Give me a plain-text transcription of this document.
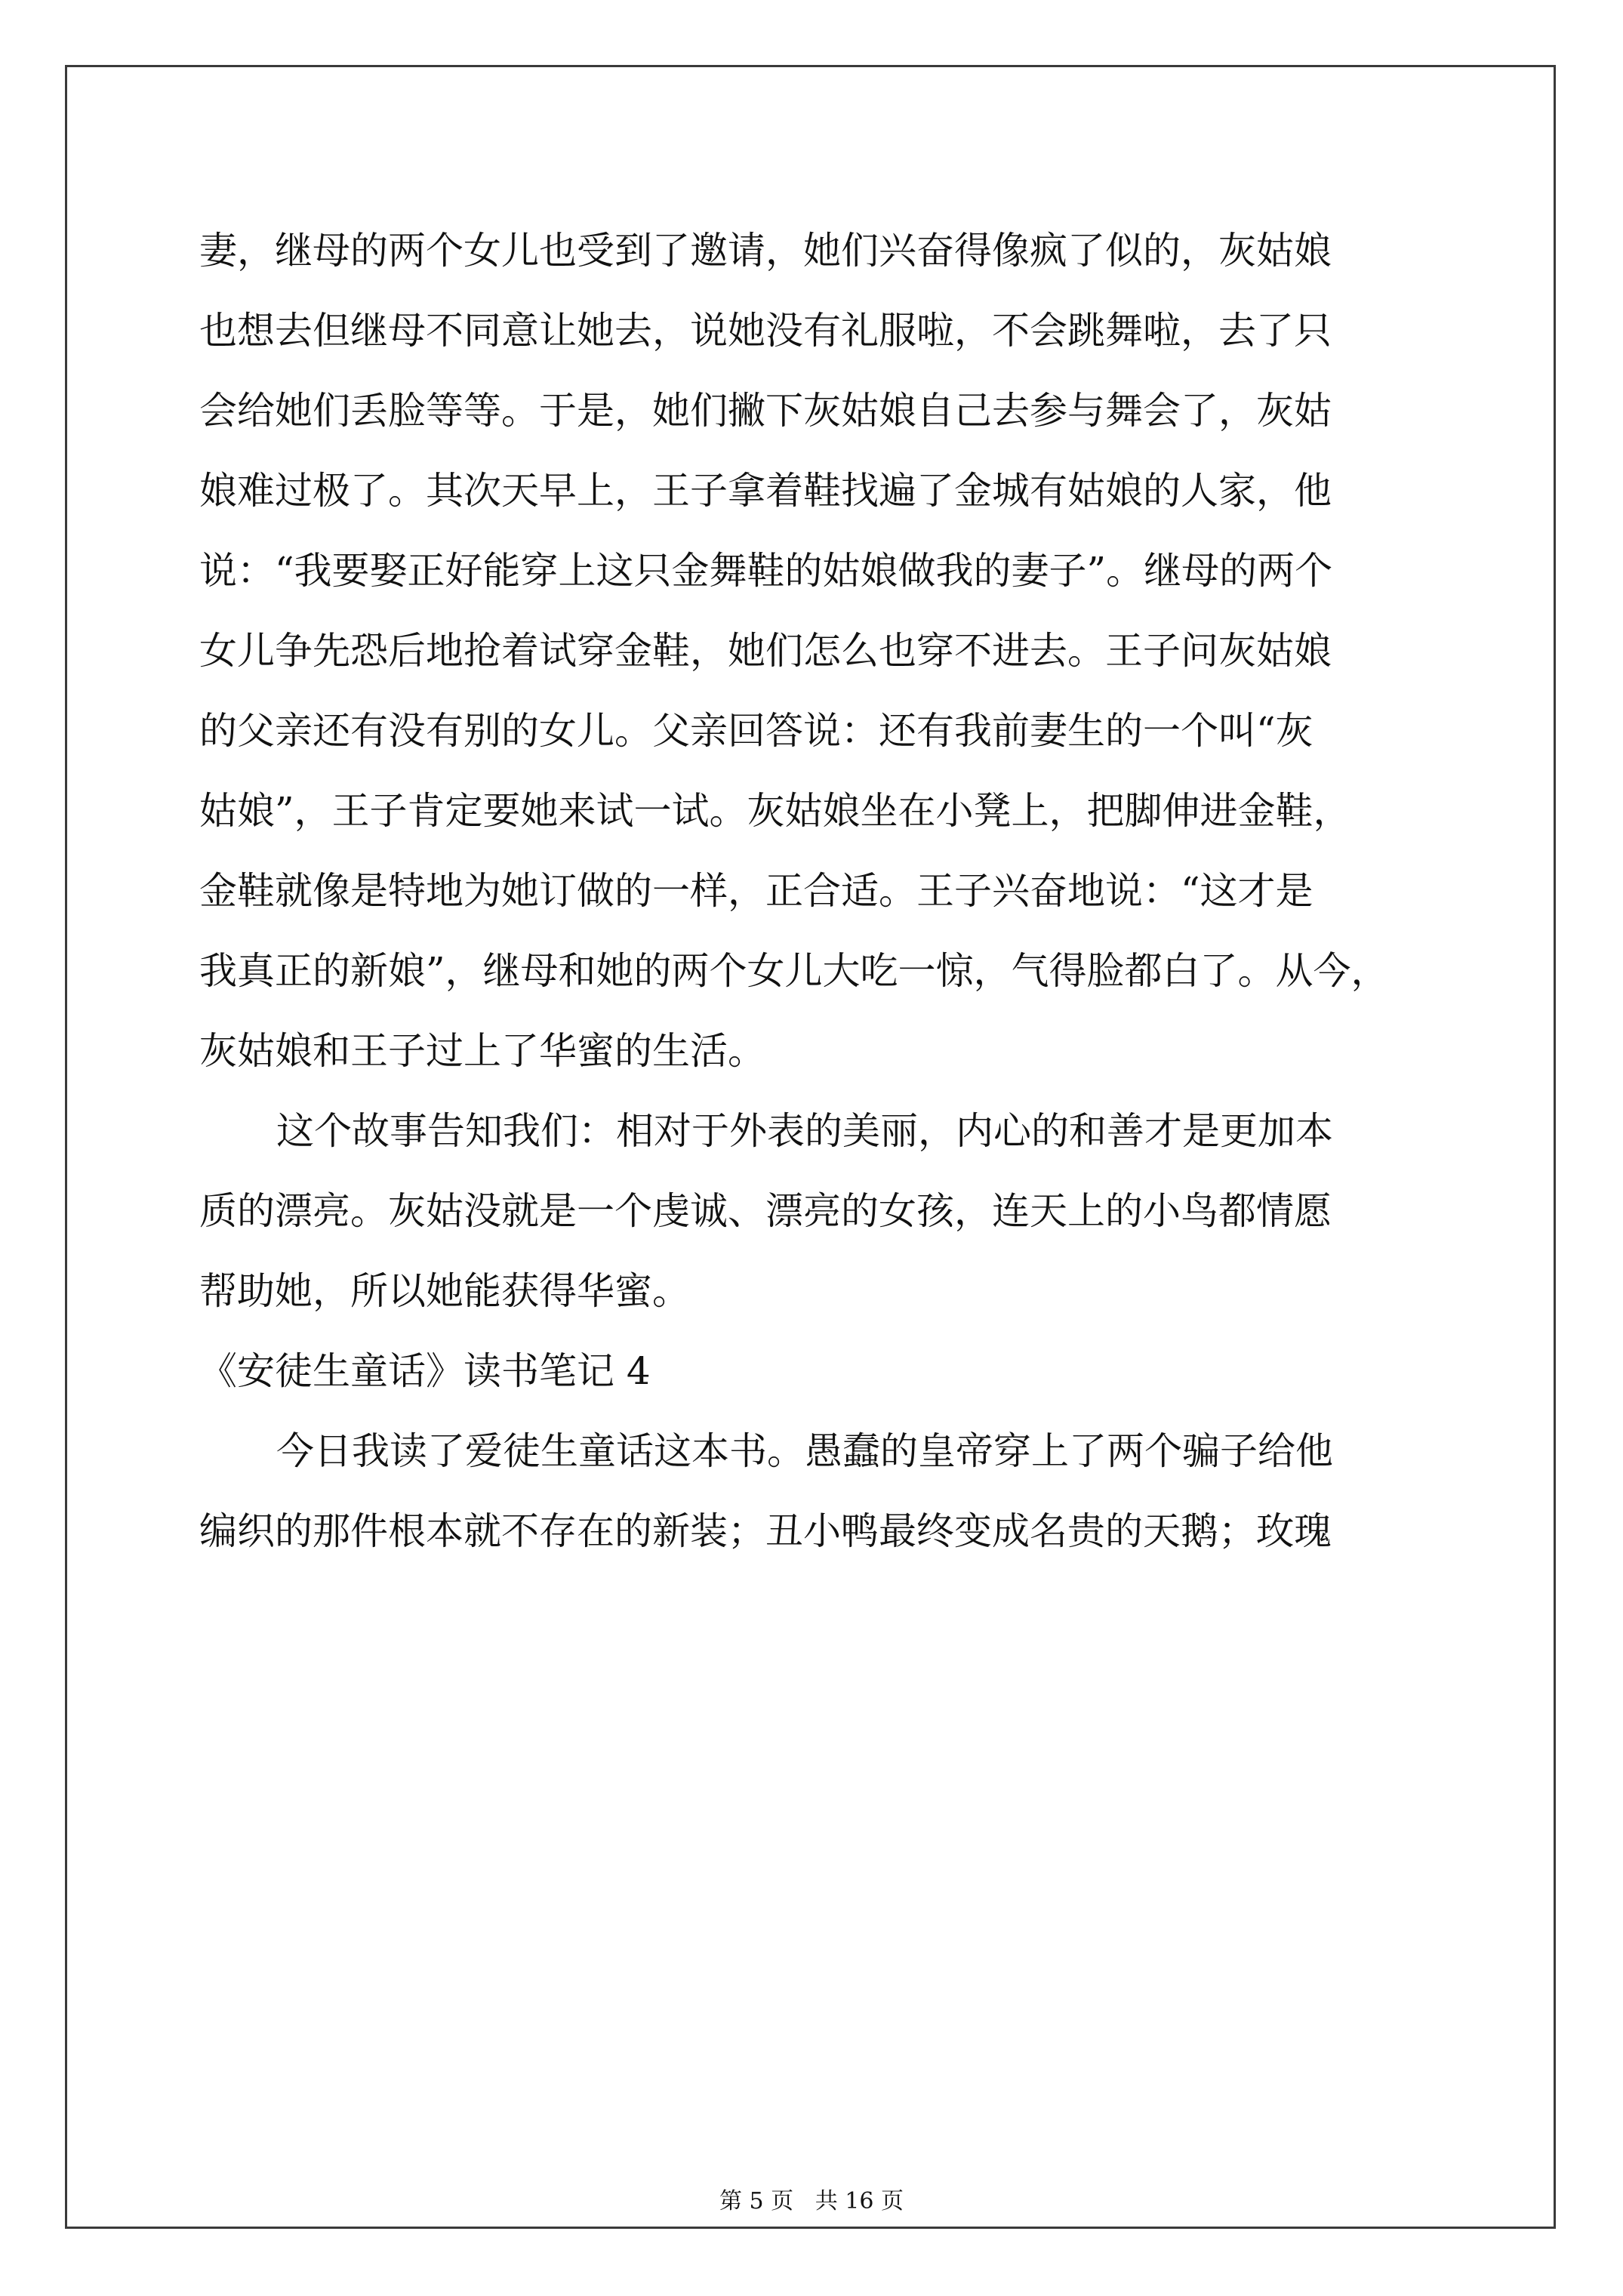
妻，继母的两个女儿也受到了邀请，她们兴奋得像疯了似的，灰姑娘
也想去但继母不同意让她去，说她没有礼服啦，不会跳舞啦，去了只
会给她们丢脸等等。于是，她们撇下灰姑娘自己去参与舞会了，灰姑
娘难过极了。其次天早上，王子拿着鞋找遍了金城有姑娘的人家，他
说：“我要娶正好能穿上这只金舞鞋的姑娘做我的妻子”。继母的两个
女儿争先恐后地抢着试穿金鞋，她们怎么也穿不进去。王子问灰姑娘
的父亲还有没有别的女儿。父亲回答说：还有我前妻生的一个叫“灰
姑娘”，王子肯定要她来试一试。灰姑娘坐在小凳上，把脚伸进金鞋，
金鞋就像是特地为她订做的一样，正合适。王子兴奋地说：“这才是
我真正的新娘”，继母和她的两个女儿大吃一惊，气得脸都白了。从今，
灰姑娘和王子过上了华蜜的生活。
这个故事告知我们：相对于外表的美丽，内心的和善才是更加本
质的漂亮。灰姑没就是一个虔诚、漂亮的女孩，连天上的小鸟都情愿
帮助她，所以她能获得华蜜。
《安徒生童话》读书笔记 4
今日我读了爱徒生童话这本书。愚蠢的皇帝穿上了两个骗子给他
编织的那件根本就不存在的新装；丑小鸭最终变成名贵的天鹅；玫瑰
第 5 页   共 16 页
